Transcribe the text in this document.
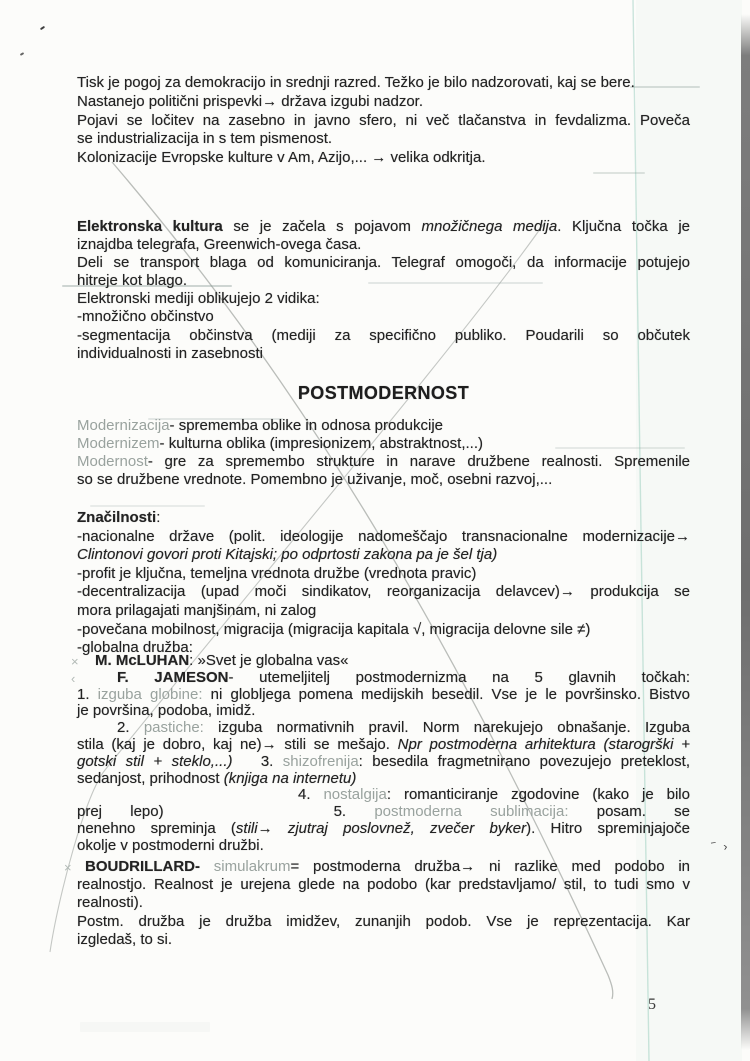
‾ ›
POSTMODERNOST
Tisk je pogoj za demokracijo in srednji razred. Težko je bilo nadzorovati, kaj se bere.
Nastanejo politični prispevki→ država izgubi nadzor.
Pojavi se ločitev na zasebno in javno sfero, ni več tlačanstva in fevdalizma. Poveča
se industrializacija in s tem pismenost.
Kolonizacije Evropske kulture v Am, Azijo,... → velika odkritja.
Elektronska kultura se je začela s pojavom množičnega medija. Ključna točka je
iznajdba telegrafa, Greenwich-ovega časa.
Deli se transport blaga od komuniciranja. Telegraf omogoči, da informacije potujejo
hitreje kot blago.
Elektronski mediji oblikujejo 2 vidika:
-množično občinstvo
-segmentacija občinstva (mediji za specifično publiko. Poudarili so občutek
individualnosti in zasebnosti
Modernizacija- sprememba oblike in odnosa produkcije
Modernizem- kulturna oblika (impresionizem, abstraktnost,...)
Modernost- gre za spremembo strukture in narave družbene realnosti. Spremenile
so se družbene vrednote. Pomembno je uživanje, moč, osebni razvoj,...
Značilnosti:
-nacionalne države (polit. ideologije nadomeščajo transnacionalne modernizacije→
Clintonovi govori proti Kitajski; po odprtosti zakona pa je šel tja)
-profit je ključna, temeljna vrednota družbe (vrednota pravic)
-decentralizacija (upad moči sindikatov, reorganizacija delavcev)→ produkcija se
mora prilagajati manjšinam, ni zalog
-povečana mobilnost, migracija (migracija kapitala √, migracija delovne sile ≠)
-globalna družba:
× M. McLUHAN: »Svet je globalna vas«
‹	F. JAMESON- utemeljitelj postmodernizma na 5 glavnih točkah:
1. izguba globine: ni globljega pomena medijskih besedil. Vse je le površinsko. Bistvo
je površina, podoba, imidž.
2. pastiche: izguba normativnih pravil. Norm narekujejo obnašanje. Izguba
stila (kaj je dobro, kaj ne)→ stili se mešajo. Npr postmoderna arhitektura (starogrški +
gotski stil + steklo,...)   3. shizofrenija: besedila fragmetnirano povezujejo preteklost,
sedanjost, prihodnost (knjiga na internetu)
4. nostalgija: romanticiranje zgodovine (kako je bilo
prej lepo)	5. postmoderna sublimacija: posam. se
nenehno spreminja (stili→ zjutraj poslovnež, zvečer byker). Hitro spreminjajoče
okolje v postmoderni družbi.
× BOUDRILLARD- simulakrum= postmoderna družba→ ni razlike med podobo in
realnostjo. Realnost je urejena glede na podobo (kar predstavljamo/ stil, to tudi smo v
realnosti).
Postm. družba je družba imidžev, zunanjih podob. Vse je reprezentacija. Kar
izgledaš, to si.
5
